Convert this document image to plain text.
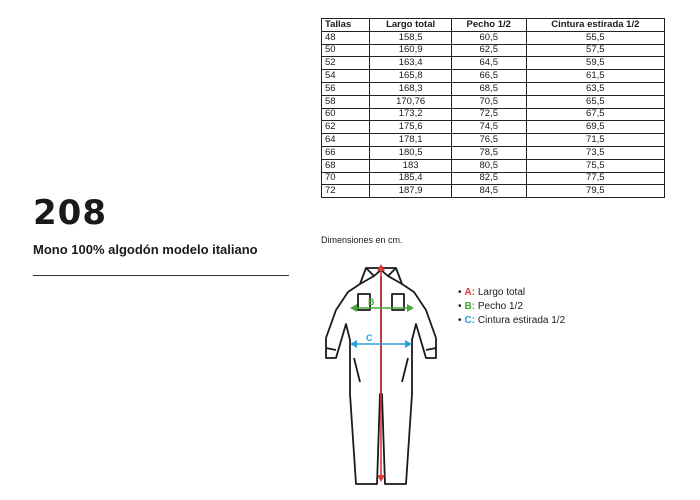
208

Mono 100% algodón modelo italiano
Tallas	Largo total	Pecho 1/2	Cintura estirada 1/2
48	158,5	60,5	55,5
50	160,9	62,5	57,5
52	163,4	64,5	59,5
54	165,8	66,5	61,5
56	168,3	68,5	63,5
58	170,76	70,5	65,5
60	173,2	72,5	67,5
62	175,6	74,5	69,5
64	178,1	76,5	71,5
66	180,5	78,5	73,5
68	183	80,5	75,5
70	185,4	82,5	77,5
72	187,9	84,5	79,5
Dimensiones en cm.
B
C
• A: Largo total
• B: Pecho 1/2
• C: Cintura estirada 1/2
